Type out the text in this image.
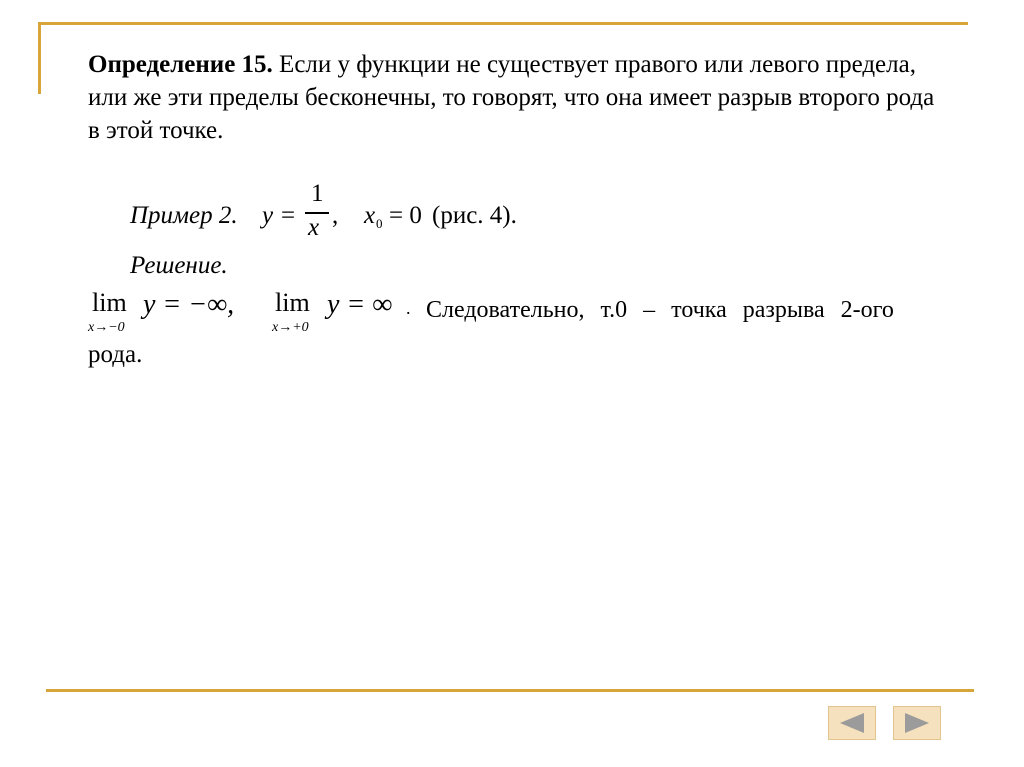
Определение 15. Если у функции не существует правого или левого предела, или же эти пределы бесконечны, то говорят, что она имеет разрыв второго рода в этой точке.

Пример 2. y =
1
x , x 0 = 0 (рис. 4).
Решение.
lim
x→−0
y = −∞, lim
x→+0
y = ∞ . Следовательно, т.0 – точка разрыва 2-ого
рода.
